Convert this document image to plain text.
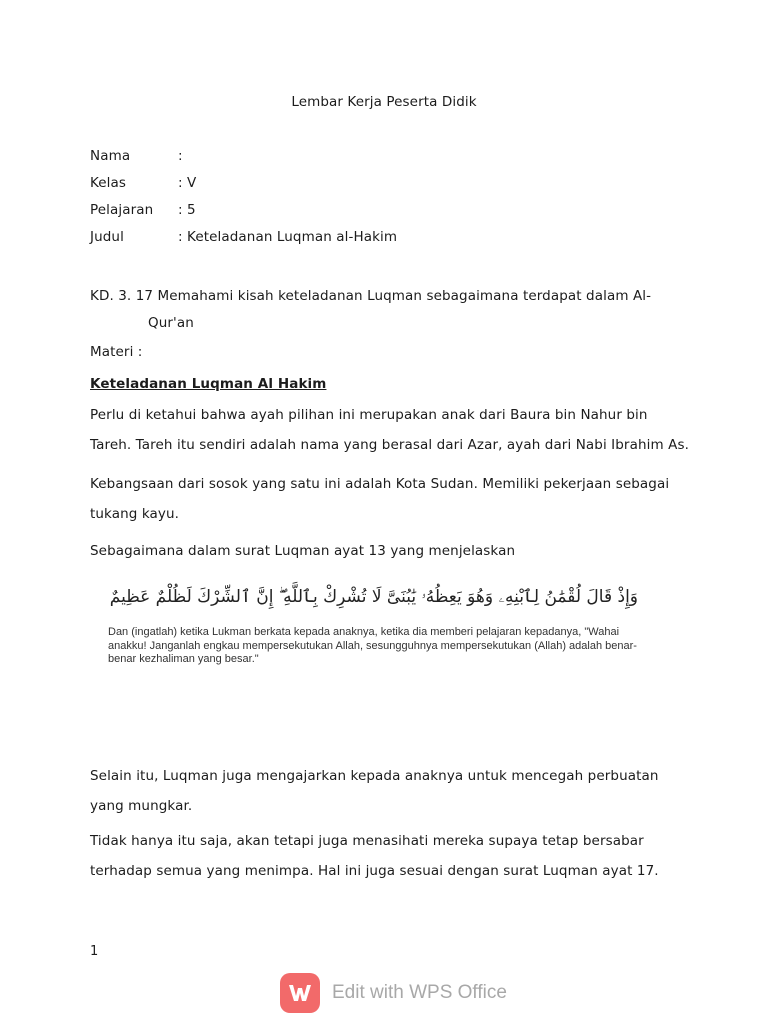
Lembar Kerja Peserta Didik
Nama	:
Kelas	: V
Pelajaran : 5
Judul	: Keteladanan Luqman al-Hakim
KD. 3. 17 Memahami kisah keteladanan Luqman sebagaimana terdapat dalam Al-
Qur'an
Materi :
Keteladanan Luqman Al Hakim
Perlu di ketahui bahwa ayah pilihan ini merupakan anak dari Baura bin Nahur bin Tareh. Tareh itu sendiri adalah nama yang berasal dari Azar, ayah dari Nabi Ibrahim As.
Kebangsaan dari sosok yang satu ini adalah Kota Sudan. Memiliki pekerjaan sebagai tukang kayu.
Sebagaimana dalam surat Luqman ayat 13 yang menjelaskan
وَإِذْ قَالَ لُقْمَٰنُ لِٱبْنِهِۦ وَهُوَ يَعِظُهُۥ يَٰبُنَىَّ لَا تُشْرِكْ بِٱللَّهِ ۖ إِنَّ ٱلشِّرْكَ لَظُلْمٌ عَظِيمٌ
Dan (ingatlah) ketika Lukman berkata kepada anaknya, ketika dia memberi pelajaran kepadanya, "Wahai anakku! Janganlah engkau mempersekutukan Allah, sesungguhnya mempersekutukan (Allah) adalah benar-benar kezhaliman yang besar."
Selain itu, Luqman juga mengajarkan kepada anaknya untuk mencegah perbuatan yang mungkar.
Tidak hanya itu saja, akan tetapi juga menasihati mereka supaya tetap bersabar terhadap semua yang menimpa. Hal ini juga sesuai dengan surat Luqman ayat 17.
1
Edit with WPS Office
